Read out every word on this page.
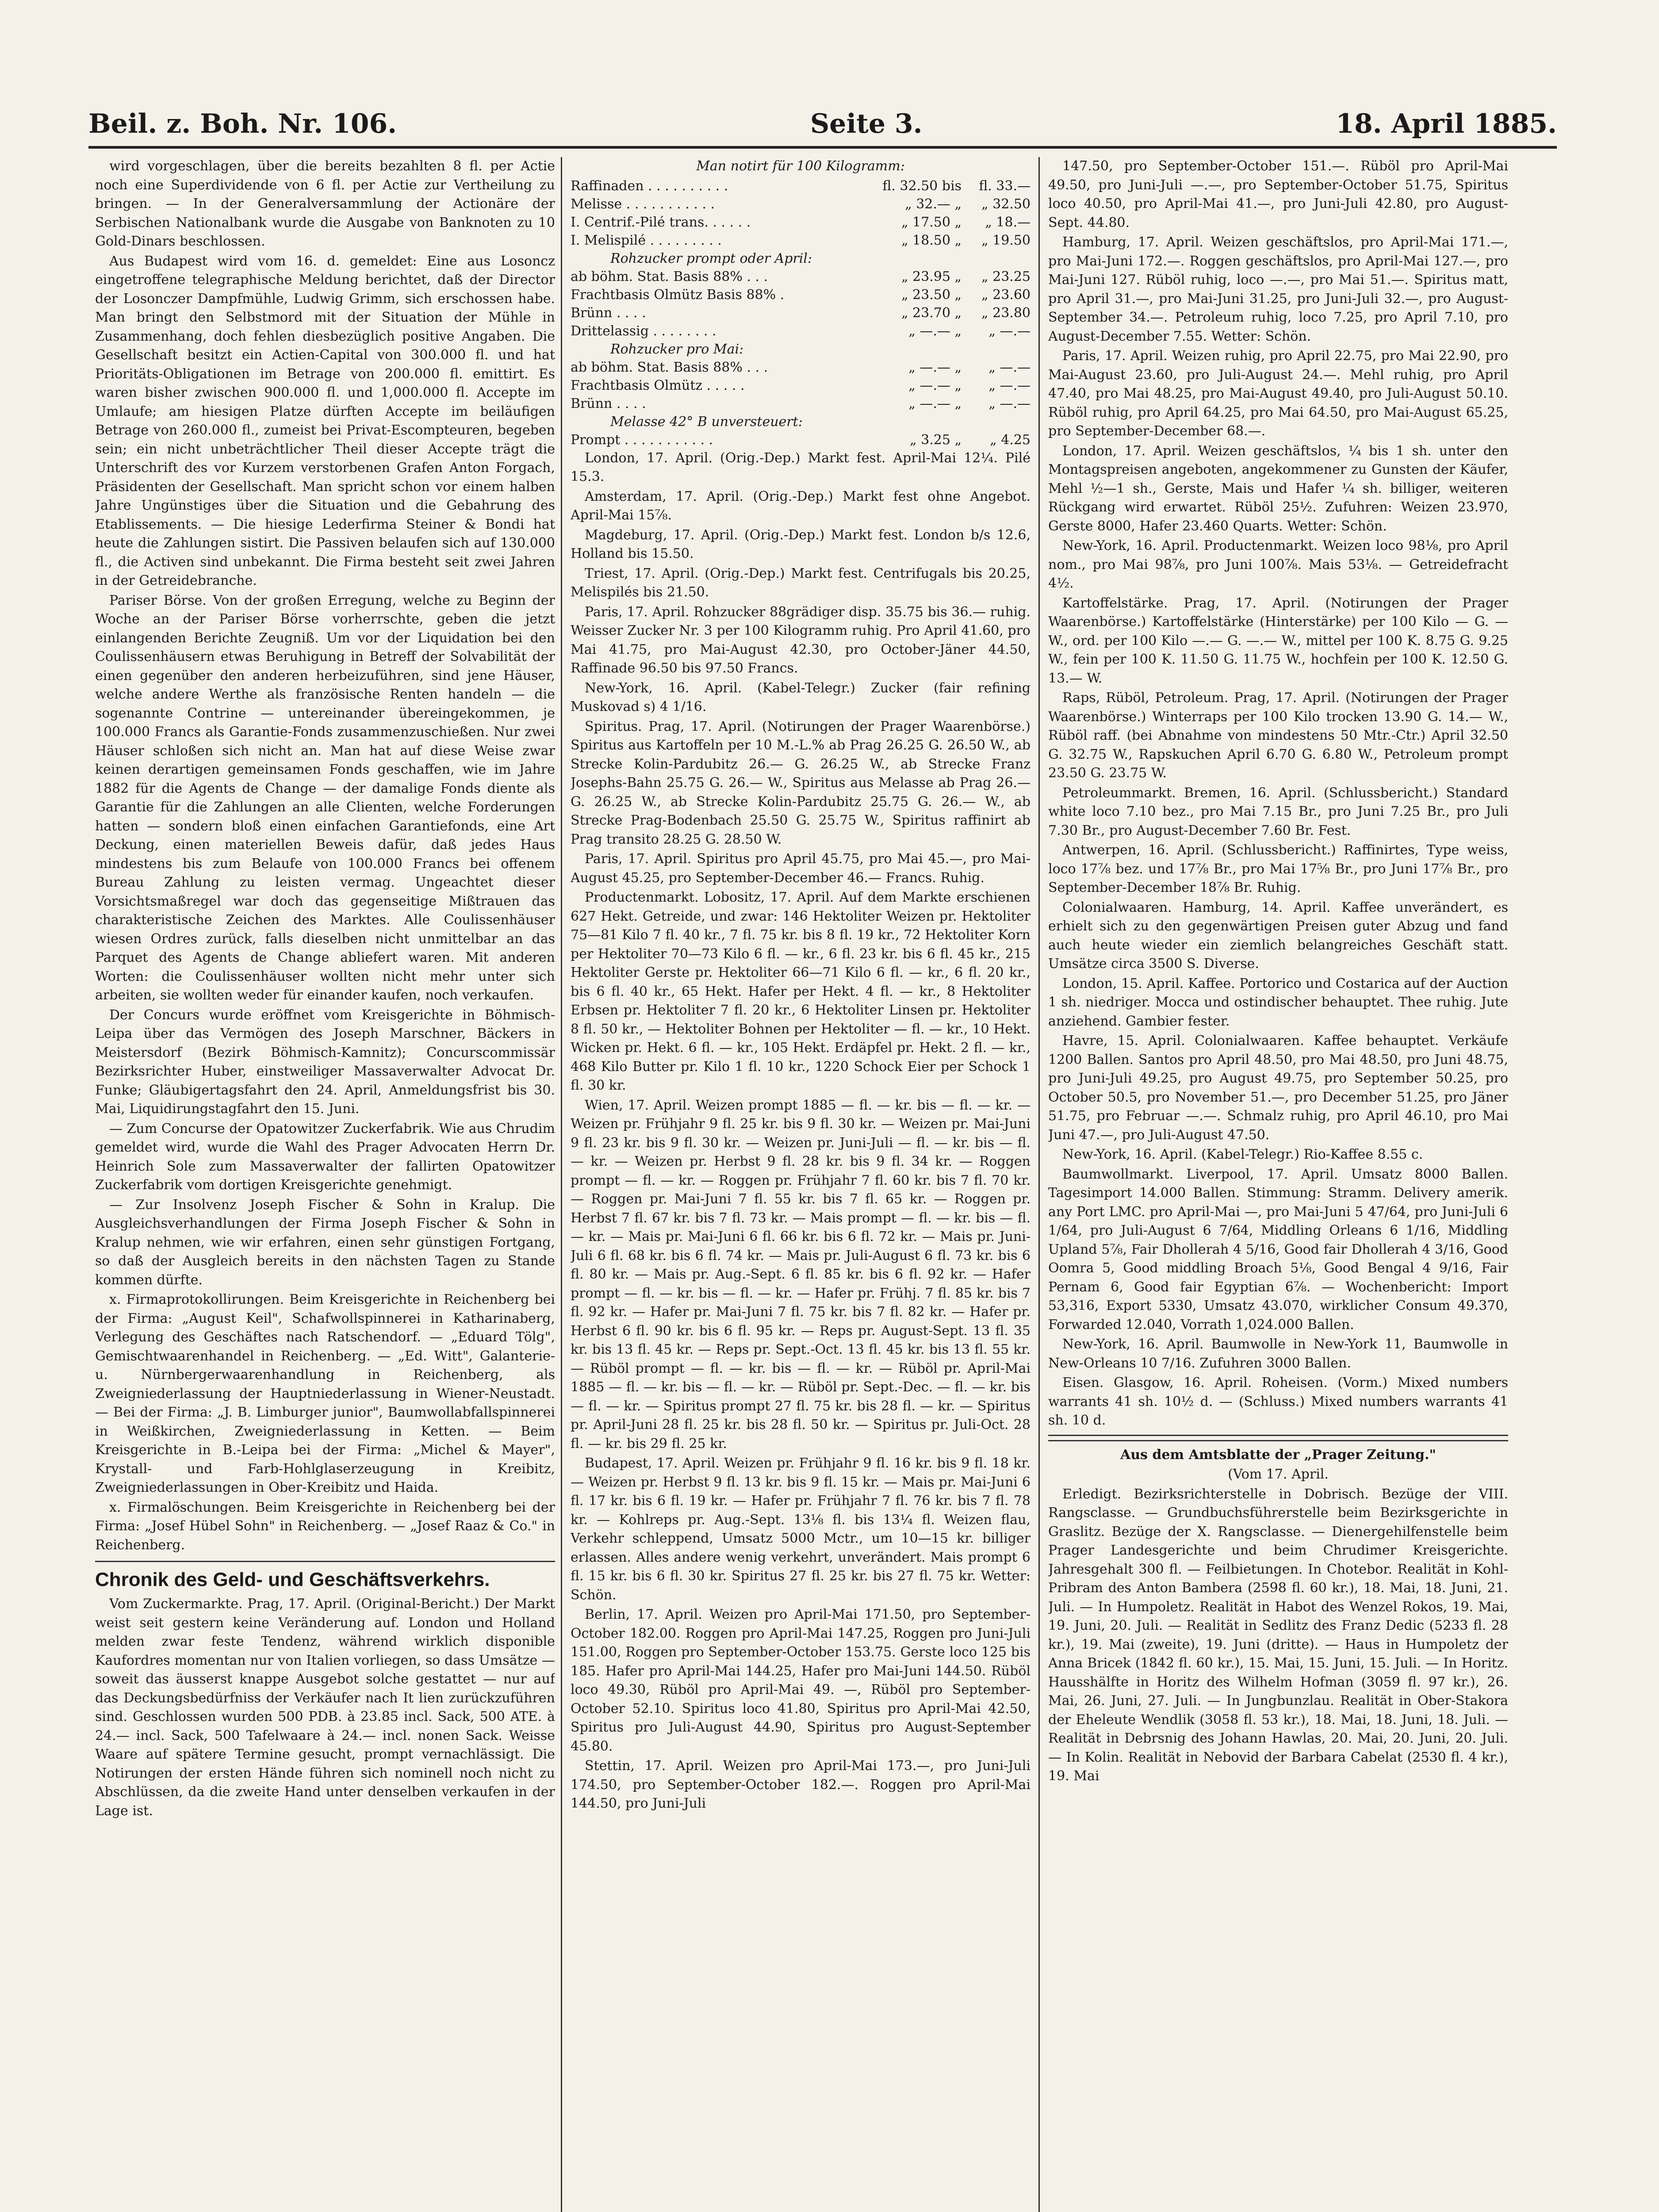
Beil. z. Boh. Nr. 106.	Seite 3.	18. April 1885.

wird vorgeschlagen, über die bereits bezahlten 8 fl. per Actie noch eine Superdividende von 6 fl. per Actie zur Vertheilung zu bringen. — In der Generalversammlung der Actionäre der Serbischen Nationalbank wurde die Ausgabe von Banknoten zu 10 Gold-Dinars beschlossen.

Aus Budapest wird vom 16. d. gemeldet: Eine aus Losoncz eingetroffene telegraphische Meldung berichtet, daß der Director der Losonczer Dampfmühle, Ludwig Grimm, sich erschossen habe. Man bringt den Selbstmord mit der Situation der Mühle in Zusammenhang, doch fehlen diesbezüglich positive Angaben. Die Gesellschaft besitzt ein Actien-Capital von 300.000 fl. und hat Prioritäts-Obligationen im Betrage von 200.000 fl. emittirt. Es waren bisher zwischen 900.000 fl. und 1,000.000 fl. Accepte im Umlaufe; am hiesigen Platze dürften Accepte im beiläufigen Betrage von 260.000 fl., zumeist bei Privat-Escompteuren, begeben sein; ein nicht unbeträchtlicher Theil dieser Accepte trägt die Unterschrift des vor Kurzem verstorbenen Grafen Anton Forgach, Präsidenten der Gesellschaft. Man spricht schon vor einem halben Jahre Ungünstiges über die Situation und die Gebahrung des Etablissements. — Die hiesige Lederfirma Steiner & Bondi hat heute die Zahlungen sistirt. Die Passiven belaufen sich auf 130.000 fl., die Activen sind unbekannt. Die Firma besteht seit zwei Jahren in der Getreidebranche.

Pariser Börse. Von der großen Erregung, welche zu Beginn der Woche an der Pariser Börse vorherrschte, geben die jetzt einlangenden Berichte Zeugniß. Um vor der Liquidation bei den Coulissenhäusern etwas Beruhigung in Betreff der Solvabilität der einen gegenüber den anderen herbeizuführen, sind jene Häuser, welche andere Werthe als französische Renten handeln — die sogenannte Contrine — untereinander übereingekommen, je 100.000 Francs als Garantie-Fonds zusammenzuschießen. Nur zwei Häuser schloßen sich nicht an. Man hat auf diese Weise zwar keinen derartigen gemeinsamen Fonds geschaffen, wie im Jahre 1882 für die Agents de Change — der damalige Fonds diente als Garantie für die Zahlungen an alle Clienten, welche Forderungen hatten — sondern bloß einen einfachen Garantiefonds, eine Art Deckung, einen materiellen Beweis dafür, daß jedes Haus mindestens bis zum Belaufe von 100.000 Francs bei offenem Bureau Zahlung zu leisten vermag. Ungeachtet dieser Vorsichtsmaßregel war doch das gegenseitige Mißtrauen das charakteristische Zeichen des Marktes. Alle Coulissenhäuser wiesen Ordres zurück, falls dieselben nicht unmittelbar an das Parquet des Agents de Change abliefert waren. Mit anderen Worten: die Coulissenhäuser wollten nicht mehr unter sich arbeiten, sie wollten weder für einander kaufen, noch verkaufen.

Der Concurs wurde eröffnet vom Kreisgerichte in Böhmisch-Leipa über das Vermögen des Joseph Marschner, Bäckers in Meistersdorf (Bezirk Böhmisch-Kamnitz); Concurscommissär Bezirksrichter Huber, einstweiliger Massaverwalter Advocat Dr. Funke; Gläubigertagsfahrt den 24. April, Anmeldungsfrist bis 30. Mai, Liquidirungstagfahrt den 15. Juni.

— Zum Concurse der Opatowitzer Zuckerfabrik. Wie aus Chrudim gemeldet wird, wurde die Wahl des Prager Advocaten Herrn Dr. Heinrich Sole zum Massaverwalter der fallirten Opatowitzer Zuckerfabrik vom dortigen Kreisgerichte genehmigt.

— Zur Insolvenz Joseph Fischer & Sohn in Kralup. Die Ausgleichsverhandlungen der Firma Joseph Fischer & Sohn in Kralup nehmen, wie wir erfahren, einen sehr günstigen Fortgang, so daß der Ausgleich bereits in den nächsten Tagen zu Stande kommen dürfte.

x. Firmaprotokollirungen. Beim Kreisgerichte in Reichenberg bei der Firma: „August Keil", Schafwollspinnerei in Katharinaberg, Verlegung des Geschäftes nach Ratschendorf. — „Eduard Tölg", Gemischtwaarenhandel in Reichenberg. — „Ed. Witt", Galanterie- u. Nürnbergerwaarenhandlung in Reichenberg, als Zweigniederlassung der Hauptniederlassung in Wiener-Neustadt. — Bei der Firma: „J. B. Limburger junior", Baumwollabfallspinnerei in Weißkirchen, Zweigniederlassung in Ketten. — Beim Kreisgerichte in B.-Leipa bei der Firma: „Michel & Mayer", Krystall- und Farb-Hohlglaserzeugung in Kreibitz, Zweigniederlassungen in Ober-Kreibitz und Haida.

x. Firmalöschungen. Beim Kreisgerichte in Reichenberg bei der Firma: „Josef Hübel Sohn" in Reichenberg. — „Josef Raaz & Co." in Reichenberg.

Chronik des Geld- und Geschäftsverkehrs.

Vom Zuckermarkte. Prag, 17. April. (Original-Bericht.) Der Markt weist seit gestern keine Veränderung auf. London und Holland melden zwar feste Tendenz, während wirklich disponible Kaufordres momentan nur von Italien vorliegen, so dass Umsätze — soweit das äusserst knappe Ausgebot solche gestattet — nur auf das Deckungsbedürfniss der Verkäufer nach It lien zurückzuführen sind. Geschlossen wurden 500 PDB. à 23.85 incl. Sack, 500 ATE. à 24.— incl. Sack, 500 Tafelwaare à 24.— incl. nonen Sack. Weisse Waare auf spätere Termine gesucht, prompt vernachlässigt. Die Notirungen der ersten Hände führen sich nominell noch nicht zu Abschlüssen, da die zweite Hand unter denselben verkaufen in der Lage ist.

Man notirt für 100 Kilogramm:

Raffinaden . . . . . . . . . .	fl. 32.50 bis	fl. 33.—
Melisse . . . . . . . . . . .	„ 32.— „	„ 32.50
I. Centrif.-Pilé trans. . . . . .	„ 17.50 „	„ 18.—
I. Melispilé . . . . . . . . .	„ 18.50 „	„ 19.50
Rohzucker prompt oder April:		
ab böhm. Stat. Basis 88% . . .	„ 23.95 „	„ 23.25
Frachtbasis Olmütz Basis 88% .	„ 23.50 „	„ 23.60
Brünn . . . .	„ 23.70 „	„ 23.80
Drittelassig . . . . . . . .	„ —.— „	„ —.—
Rohzucker pro Mai:		
ab böhm. Stat. Basis 88% . . .	„ —.— „	„ —.—
Frachtbasis Olmütz . . . . .	„ —.— „	„ —.—
Brünn . . . .	„ —.— „	„ —.—
Melasse 42° B unversteuert:		
Prompt . . . . . . . . . . .	„ 3.25 „	„ 4.25

London, 17. April. (Orig.-Dep.) Markt fest. April-Mai 12¼. Pilé 15.3.

Amsterdam, 17. April. (Orig.-Dep.) Markt fest ohne Angebot. April-Mai 15⅞.

Magdeburg, 17. April. (Orig.-Dep.) Markt fest. London b/s 12.6, Holland bis 15.50.

Triest, 17. April. (Orig.-Dep.) Markt fest. Centrifugals bis 20.25, Melispilés bis 21.50.

Paris, 17. April. Rohzucker 88grädiger disp. 35.75 bis 36.— ruhig. Weisser Zucker Nr. 3 per 100 Kilogramm ruhig. Pro April 41.60, pro Mai 41.75, pro Mai-August 42.30, pro October-Jäner 44.50, Raffinade 96.50 bis 97.50 Francs.

New-York, 16. April. (Kabel-Telegr.) Zucker (fair refining Muskovad s) 4 1/16.

Spiritus. Prag, 17. April. (Notirungen der Prager Waarenbörse.) Spiritus aus Kartoffeln per 10 M.-L.% ab Prag 26.25 G. 26.50 W., ab Strecke Kolin-Pardubitz 26.— G. 26.25 W., ab Strecke Franz Josephs-Bahn 25.75 G. 26.— W., Spiritus aus Melasse ab Prag 26.— G. 26.25 W., ab Strecke Kolin-Pardubitz 25.75 G. 26.— W., ab Strecke Prag-Bodenbach 25.50 G. 25.75 W., Spiritus raffinirt ab Prag transito 28.25 G. 28.50 W.

Paris, 17. April. Spiritus pro April 45.75, pro Mai 45.—, pro Mai-August 45.25, pro September-December 46.— Francs. Ruhig.

Productenmarkt. Lobositz, 17. April. Auf dem Markte erschienen 627 Hekt. Getreide, und zwar: 146 Hektoliter Weizen pr. Hektoliter 75—81 Kilo 7 fl. 40 kr., 7 fl. 75 kr. bis 8 fl. 19 kr., 72 Hektoliter Korn per Hektoliter 70—73 Kilo 6 fl. — kr., 6 fl. 23 kr. bis 6 fl. 45 kr., 215 Hektoliter Gerste pr. Hektoliter 66—71 Kilo 6 fl. — kr., 6 fl. 20 kr., bis 6 fl. 40 kr., 65 Hekt. Hafer per Hekt. 4 fl. — kr., 8 Hektoliter Erbsen pr. Hektoliter 7 fl. 20 kr., 6 Hektoliter Linsen pr. Hektoliter 8 fl. 50 kr., — Hektoliter Bohnen per Hektoliter — fl. — kr., 10 Hekt. Wicken pr. Hekt. 6 fl. — kr., 105 Hekt. Erdäpfel pr. Hekt. 2 fl. — kr., 468 Kilo Butter pr. Kilo 1 fl. 10 kr., 1220 Schock Eier per Schock 1 fl. 30 kr.

Wien, 17. April. Weizen prompt 1885 — fl. — kr. bis — fl. — kr. — Weizen pr. Frühjahr 9 fl. 25 kr. bis 9 fl. 30 kr. — Weizen pr. Mai-Juni 9 fl. 23 kr. bis 9 fl. 30 kr. — Weizen pr. Juni-Juli — fl. — kr. bis — fl. — kr. — Weizen pr. Herbst 9 fl. 28 kr. bis 9 fl. 34 kr. — Roggen prompt — fl. — kr. — Roggen pr. Frühjahr 7 fl. 60 kr. bis 7 fl. 70 kr. — Roggen pr. Mai-Juni 7 fl. 55 kr. bis 7 fl. 65 kr. — Roggen pr. Herbst 7 fl. 67 kr. bis 7 fl. 73 kr. — Mais prompt — fl. — kr. bis — fl. — kr. — Mais pr. Mai-Juni 6 fl. 66 kr. bis 6 fl. 72 kr. — Mais pr. Juni-Juli 6 fl. 68 kr. bis 6 fl. 74 kr. — Mais pr. Juli-August 6 fl. 73 kr. bis 6 fl. 80 kr. — Mais pr. Aug.-Sept. 6 fl. 85 kr. bis 6 fl. 92 kr. — Hafer prompt — fl. — kr. bis — fl. — kr. — Hafer pr. Frühj. 7 fl. 85 kr. bis 7 fl. 92 kr. — Hafer pr. Mai-Juni 7 fl. 75 kr. bis 7 fl. 82 kr. — Hafer pr. Herbst 6 fl. 90 kr. bis 6 fl. 95 kr. — Reps pr. August-Sept. 13 fl. 35 kr. bis 13 fl. 45 kr. — Reps pr. Sept.-Oct. 13 fl. 45 kr. bis 13 fl. 55 kr. — Rüböl prompt — fl. — kr. bis — fl. — kr. — Rüböl pr. April-Mai 1885 — fl. — kr. bis — fl. — kr. — Rüböl pr. Sept.-Dec. — fl. — kr. bis — fl. — kr. — Spiritus prompt 27 fl. 75 kr. bis 28 fl. — kr. — Spiritus pr. April-Juni 28 fl. 25 kr. bis 28 fl. 50 kr. — Spiritus pr. Juli-Oct. 28 fl. — kr. bis 29 fl. 25 kr.

Budapest, 17. April. Weizen pr. Frühjahr 9 fl. 16 kr. bis 9 fl. 18 kr. — Weizen pr. Herbst 9 fl. 13 kr. bis 9 fl. 15 kr. — Mais pr. Mai-Juni 6 fl. 17 kr. bis 6 fl. 19 kr. — Hafer pr. Frühjahr 7 fl. 76 kr. bis 7 fl. 78 kr. — Kohlreps pr. Aug.-Sept. 13⅛ fl. bis 13¼ fl. Weizen flau, Verkehr schleppend, Umsatz 5000 Mctr., um 10—15 kr. billiger erlassen. Alles andere wenig verkehrt, unverändert. Mais prompt 6 fl. 15 kr. bis 6 fl. 30 kr. Spiritus 27 fl. 25 kr. bis 27 fl. 75 kr. Wetter: Schön.

Berlin, 17. April. Weizen pro April-Mai 171.50, pro September-October 182.00. Roggen pro April-Mai 147.25, Roggen pro Juni-Juli 151.00, Roggen pro September-October 153.75. Gerste loco 125 bis 185. Hafer pro April-Mai 144.25, Hafer pro Mai-Juni 144.50. Rüböl loco 49.30, Rüböl pro April-Mai 49. —, Rüböl pro September-October 52.10. Spiritus loco 41.80, Spiritus pro April-Mai 42.50, Spiritus pro Juli-August 44.90, Spiritus pro August-September 45.80.

Stettin, 17. April. Weizen pro April-Mai 173.—, pro Juni-Juli 174.50, pro September-October 182.—. Roggen pro April-Mai 144.50, pro Juni-Juli

147.50, pro September-October 151.—. Rüböl pro April-Mai 49.50, pro Juni-Juli —.—, pro September-October 51.75, Spiritus loco 40.50, pro April-Mai 41.—, pro Juni-Juli 42.80, pro August-Sept. 44.80.

Hamburg, 17. April. Weizen geschäftslos, pro April-Mai 171.—, pro Mai-Juni 172.—. Roggen geschäftslos, pro April-Mai 127.—, pro Mai-Juni 127. Rüböl ruhig, loco —.—, pro Mai 51.—. Spiritus matt, pro April 31.—, pro Mai-Juni 31.25, pro Juni-Juli 32.—, pro August-September 34.—. Petroleum ruhig, loco 7.25, pro April 7.10, pro August-December 7.55. Wetter: Schön.

Paris, 17. April. Weizen ruhig, pro April 22.75, pro Mai 22.90, pro Mai-August 23.60, pro Juli-August 24.—. Mehl ruhig, pro April 47.40, pro Mai 48.25, pro Mai-August 49.40, pro Juli-August 50.10. Rüböl ruhig, pro April 64.25, pro Mai 64.50, pro Mai-August 65.25, pro September-December 68.—.

London, 17. April. Weizen geschäftslos, ¼ bis 1 sh. unter den Montagspreisen angeboten, angekommener zu Gunsten der Käufer, Mehl ½—1 sh., Gerste, Mais und Hafer ¼ sh. billiger, weiteren Rückgang wird erwartet. Rüböl 25½. Zufuhren: Weizen 23.970, Gerste 8000, Hafer 23.460 Quarts. Wetter: Schön.

New-York, 16. April. Productenmarkt. Weizen loco 98⅛, pro April nom., pro Mai 98⅞, pro Juni 100⅞. Mais 53⅛. — Getreidefracht 4½.

Kartoffelstärke. Prag, 17. April. (Notirungen der Prager Waarenbörse.) Kartoffelstärke (Hinterstärke) per 100 Kilo — G. — W., ord. per 100 Kilo —.— G. —.— W., mittel per 100 K. 8.75 G. 9.25 W., fein per 100 K. 11.50 G. 11.75 W., hochfein per 100 K. 12.50 G. 13.— W.

Raps, Rüböl, Petroleum. Prag, 17. April. (Notirungen der Prager Waarenbörse.) Winterraps per 100 Kilo trocken 13.90 G. 14.— W., Rüböl raff. (bei Abnahme von mindestens 50 Mtr.-Ctr.) April 32.50 G. 32.75 W., Rapskuchen April 6.70 G. 6.80 W., Petroleum prompt 23.50 G. 23.75 W.

Petroleummarkt. Bremen, 16. April. (Schlussbericht.) Standard white loco 7.10 bez., pro Mai 7.15 Br., pro Juni 7.25 Br., pro Juli 7.30 Br., pro August-December 7.60 Br. Fest.

Antwerpen, 16. April. (Schlussbericht.) Raffinirtes, Type weiss, loco 17⅞ bez. und 17⅞ Br., pro Mai 17⅝ Br., pro Juni 17⅞ Br., pro September-December 18⅞ Br. Ruhig.

Colonialwaaren. Hamburg, 14. April. Kaffee unverändert, es erhielt sich zu den gegenwärtigen Preisen guter Abzug und fand auch heute wieder ein ziemlich belangreiches Geschäft statt. Umsätze circa 3500 S. Diverse.

London, 15. April. Kaffee. Portorico und Costarica auf der Auction 1 sh. niedriger. Mocca und ostindischer behauptet. Thee ruhig. Jute anziehend. Gambier fester.

Havre, 15. April. Colonialwaaren. Kaffee behauptet. Verkäufe 1200 Ballen. Santos pro April 48.50, pro Mai 48.50, pro Juni 48.75, pro Juni-Juli 49.25, pro August 49.75, pro September 50.25, pro October 50.5, pro November 51.—, pro December 51.25, pro Jäner 51.75, pro Februar —.—. Schmalz ruhig, pro April 46.10, pro Mai Juni 47.—, pro Juli-August 47.50.

New-York, 16. April. (Kabel-Telegr.) Rio-Kaffee 8.55 c.

Baumwollmarkt. Liverpool, 17. April. Umsatz 8000 Ballen. Tagesimport 14.000 Ballen. Stimmung: Stramm. Delivery amerik. any Port LMC. pro April-Mai —, pro Mai-Juni 5 47/64, pro Juni-Juli 6 1/64, pro Juli-August 6 7/64, Middling Orleans 6 1/16, Middling Upland 5⅞, Fair Dhollerah 4 5/16, Good fair Dhollerah 4 3/16, Good Oomra 5, Good middling Broach 5⅛, Good Bengal 4 9/16, Fair Pernam 6, Good fair Egyptian 6⅞. — Wochenbericht: Import 53,316, Export 5330, Umsatz 43.070, wirklicher Consum 49.370, Forwarded 12.040, Vorrath 1,024.000 Ballen.

New-York, 16. April. Baumwolle in New-York 11, Baumwolle in New-Orleans 10 7/16. Zufuhren 3000 Ballen.

Eisen. Glasgow, 16. April. Roheisen. (Vorm.) Mixed numbers warrants 41 sh. 10½ d. — (Schluss.) Mixed numbers warrants 41 sh. 10 d.

Aus dem Amtsblatte der „Prager Zeitung."

(Vom 17. April.

Erledigt. Bezirksrichterstelle in Dobrisch. Bezüge der VIII. Rangsclasse. — Grundbuchsführerstelle beim Bezirksgerichte in Graslitz. Bezüge der X. Rangsclasse. — Dienergehilfenstelle beim Prager Landesgerichte und beim Chrudimer Kreisgerichte. Jahresgehalt 300 fl. — Feilbietungen. In Chotebor. Realität in Kohl-Pribram des Anton Bambera (2598 fl. 60 kr.), 18. Mai, 18. Juni, 21. Juli. — In Humpoletz. Realität in Habot des Wenzel Rokos, 19. Mai, 19. Juni, 20. Juli. — Realität in Sedlitz des Franz Dedic (5233 fl. 28 kr.), 19. Mai (zweite), 19. Juni (dritte). — Haus in Humpoletz der Anna Bricek (1842 fl. 60 kr.), 15. Mai, 15. Juni, 15. Juli. — In Horitz. Hausshälfte in Horitz des Wilhelm Hofman (3059 fl. 97 kr.), 26. Mai, 26. Juni, 27. Juli. — In Jungbunzlau. Realität in Ober-Stakora der Eheleute Wendlik (3058 fl. 53 kr.), 18. Mai, 18. Juni, 18. Juli. — Realität in Debrsnig des Johann Hawlas, 20. Mai, 20. Juni, 20. Juli. — In Kolin. Realität in Nebovid der Barbara Cabelat (2530 fl. 4 kr.), 19. Mai
